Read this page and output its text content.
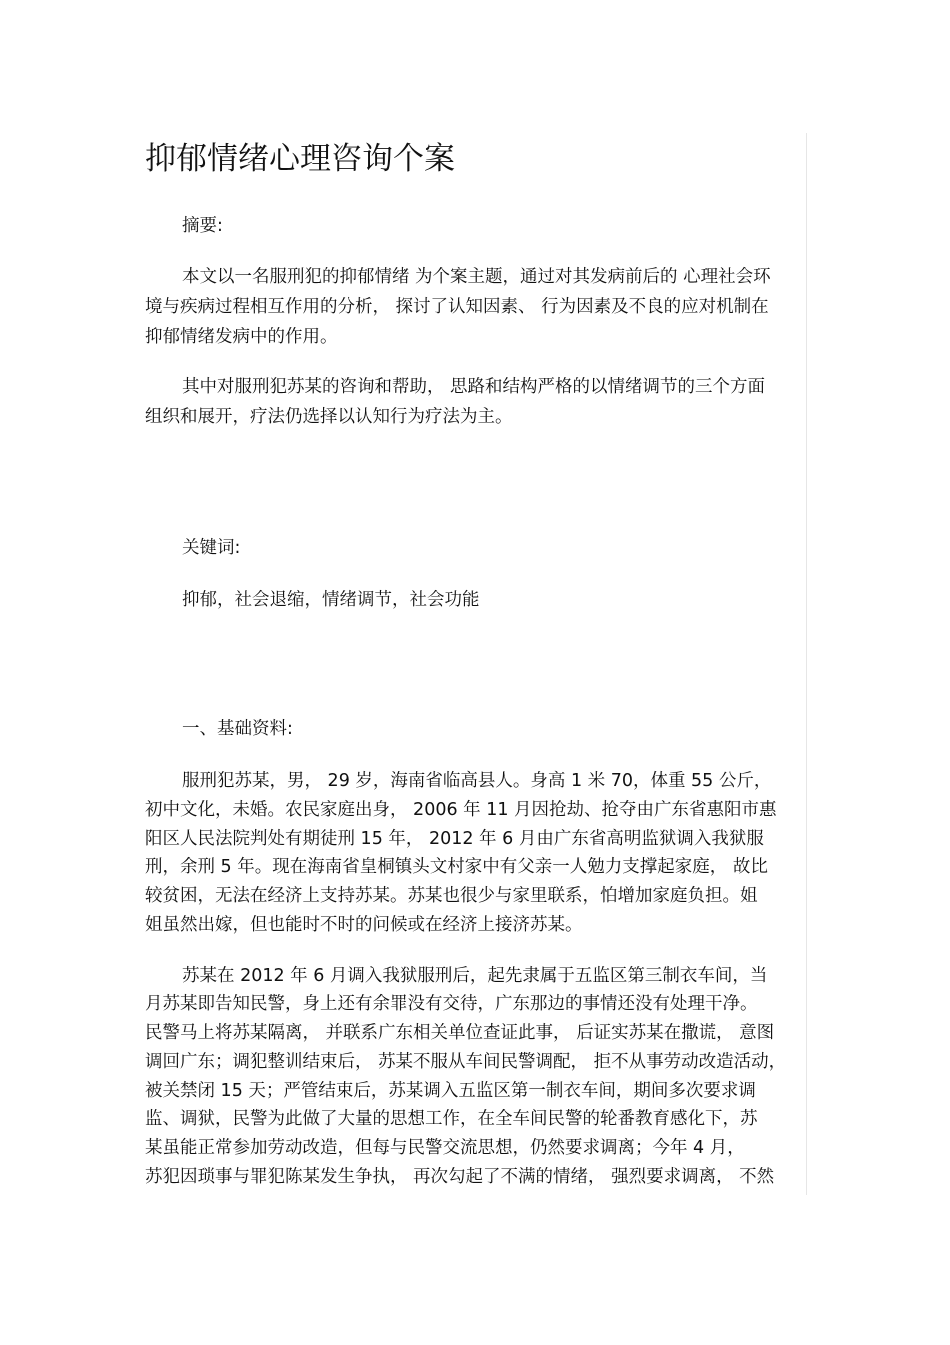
抑郁情绪心理咨询个案
摘要:
本文以一名服刑犯的抑郁情绪 为个案主题，通过对其发病前后的 心理社会环
境与疾病过程相互作用的分析， 探讨了认知因素、 行为因素及不良的应对机制在
抑郁情绪发病中的作用。
其中对服刑犯苏某的咨询和帮助， 思路和结构严格的以情绪调节的三个方面
组织和展开，疗法仍选择以认知行为疗法为主。
关键词:
抑郁，社会退缩，情绪调节，社会功能
一、基础资料:
服刑犯苏某，男， 29 岁，海南省临高县人。身高 1 米 70，体重 55 公斤，
初中文化，未婚。农民家庭出身， 2006 年 11 月因抢劫、抢夺由广东省惠阳市惠
阳区人民法院判处有期徒刑 15 年， 2012 年 6 月由广东省高明监狱调入我狱服
刑，余刑 5 年。现在海南省皇桐镇头文村家中有父亲一人勉力支撑起家庭， 故比
较贫困，无法在经济上支持苏某。苏某也很少与家里联系，怕增加家庭负担。姐
姐虽然出嫁，但也能时不时的问候或在经济上接济苏某。
苏某在 2012 年 6 月调入我狱服刑后，起先隶属于五监区第三制衣车间，当
月苏某即告知民警，身上还有余罪没有交待，广东那边的事情还没有处理干净。
民警马上将苏某隔离， 并联系广东相关单位查证此事， 后证实苏某在撒谎， 意图
调回广东；调犯整训结束后， 苏某不服从车间民警调配， 拒不从事劳动改造活动，
被关禁闭 15 天；严管结束后，苏某调入五监区第一制衣车间，期间多次要求调
监、调狱，民警为此做了大量的思想工作，在全车间民警的轮番教育感化下，苏
某虽能正常参加劳动改造，但每与民警交流思想，仍然要求调离；今年 4 月，
苏犯因琐事与罪犯陈某发生争执， 再次勾起了不满的情绪， 强烈要求调离， 不然
